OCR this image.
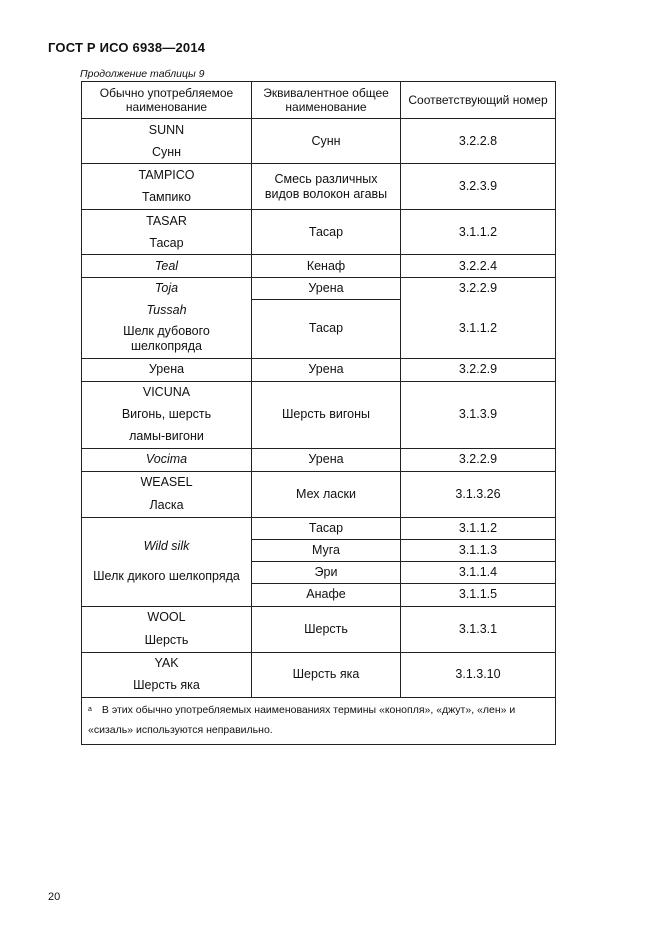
ГОСТ Р ИСО 6938—2014
Продолжение таблицы 9
Обычно употребляемое наименование	Эквивалентное общее наименование	Соответствующий номер

SUNN
Сунн	Сунн	3.2.2.8

TAMPICO
Тампико	Смесь различных видов волокон агавы	3.2.3.9

TASAR
Тасар	Тасар	3.1.1.2
Teal	Кенаф	3.2.2.4
Toja	Урена	3.2.2.9

Tussah
Шелк дубового шелкопряда	Тасар	3.1.1.2
Урена	Урена	3.2.2.9

VICUNA
Вигонь, шерсть
ламы-вигони	Шерсть вигоны	3.1.3.9
Vocima	Урена	3.2.2.9

WEASEL
Ласка	Мех ласки	3.1.3.26

Wild silk
Шелк дикого шелкопряда	Тасар	3.1.1.2
	Муга	3.1.1.3
	Эри	3.1.1.4
	Анафе	3.1.1.5

WOOL
Шерсть	Шерсть	3.1.3.1

YAK
Шерсть яка	Шерсть яка	3.1.3.10

$^a$ В этих обычно употребляемых наименованиях термины «конопля», «джут», «лен» и
«сизаль» используются неправильно.		
20
